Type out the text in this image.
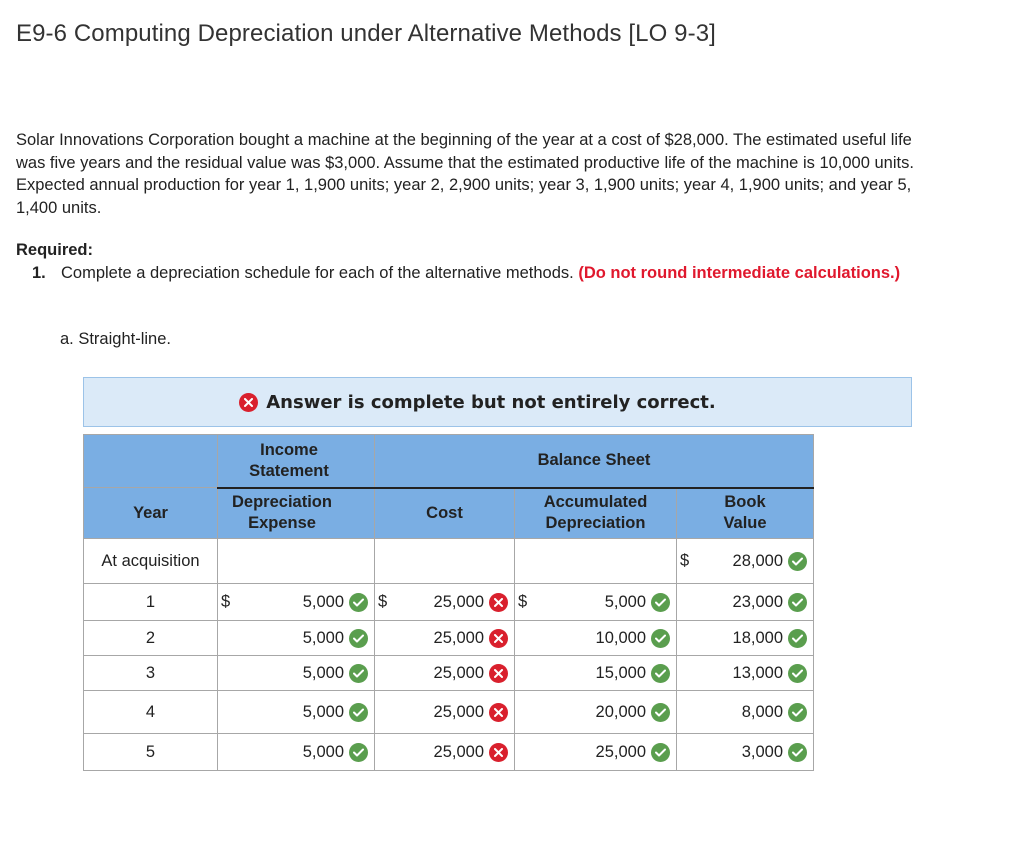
E9-6 Computing Depreciation under Alternative Methods [LO 9-3]

Solar Innovations Corporation bought a machine at the beginning of the year at a cost of $28,000. The estimated useful life was five years and the residual value was $3,000. Assume that the estimated productive life of the machine is 10,000 units. Expected annual production for year 1, 1,900 units; year 2, 2,900 units; year 3, 1,900 units; year 4, 1,900 units; and year 5, 1,400 units.

Required:

1. Complete a depreciation schedule for each of the alternative methods. (Do not round intermediate calculations.)
a. Straight-line.
Answer is complete but not entirely correct.

	Income Statement	Balance Sheet		
Year	Depreciation Expense	Cost	Accumulated Depreciation	Book Value

At acquisition				$ 28,000

1	$ 5,000	$ 25,000	$ 5,000	23,000

2	5,000	25,000	10,000	18,000

3	5,000	25,000	15,000	13,000

4	5,000	25,000	20,000	8,000

5	5,000	25,000	25,000	3,000
